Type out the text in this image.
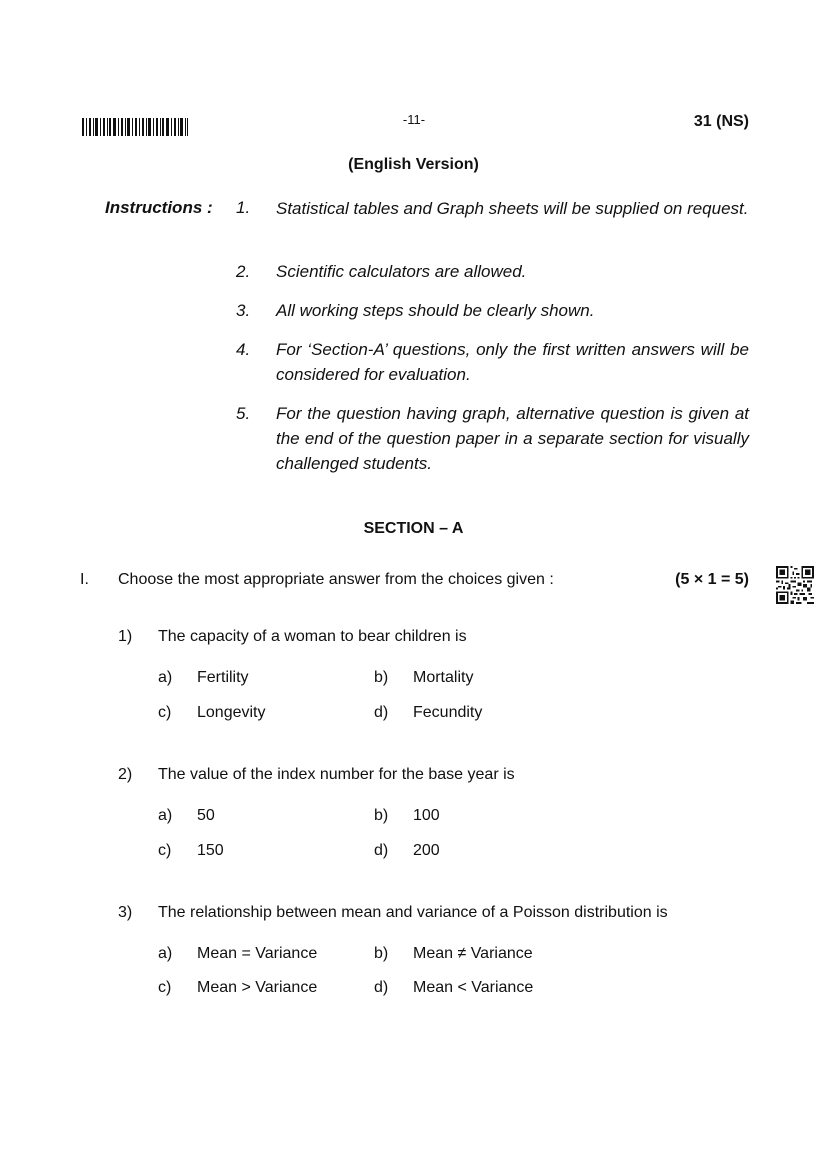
-11-	31 (NS)
(English Version)
Instructions : 1. Statistical tables and Graph sheets will be supplied on request.
2. Scientific calculators are allowed.
3. All working steps should be clearly shown.
4. For ‘Section-A’ questions, only the first written answers will be considered for evaluation.
5. For the question having graph, alternative question is given at the end of the question paper in a separate section for visually challenged students.
SECTION – A
I. Choose the most appropriate answer from the choices given :	(5 × 1 = 5)
1) The capacity of a woman to bear children is
a) Fertility	b) Mortality
c) Longevity	d) Fecundity
2) The value of the index number for the base year is
a) 50	b) 100
c) 150	d) 200
3) The relationship between mean and variance of a Poisson distribution is
a) Mean = Variance	b) Mean ≠ Variance
c) Mean > Variance	d) Mean < Variance
